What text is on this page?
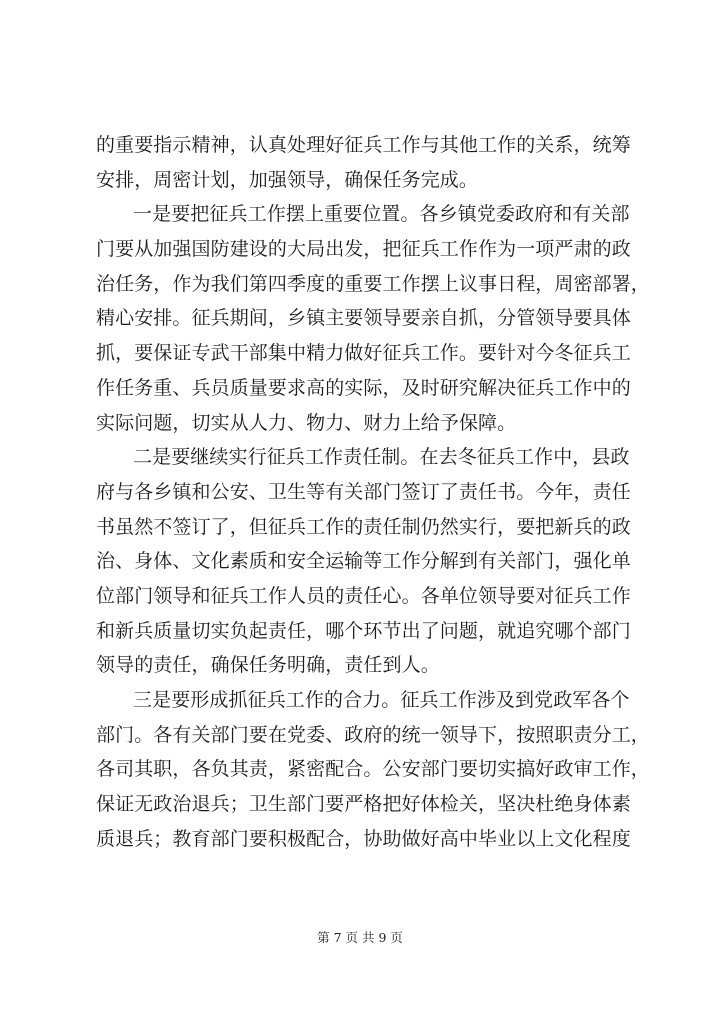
的重要指示精神，认真处理好征兵工作与其他工作的关系，统筹
安排，周密计划，加强领导，确保任务完成。
一是要把征兵工作摆上重要位置。各乡镇党委政府和有关部
门要从加强国防建设的大局出发，把征兵工作作为一项严肃的政
治任务，作为我们第四季度的重要工作摆上议事日程，周密部署，
精心安排。征兵期间，乡镇主要领导要亲自抓，分管领导要具体
抓，要保证专武干部集中精力做好征兵工作。要针对今冬征兵工
作任务重、兵员质量要求高的实际，及时研究解决征兵工作中的
实际问题，切实从人力、物力、财力上给予保障。
二是要继续实行征兵工作责任制。在去冬征兵工作中，县政
府与各乡镇和公安、卫生等有关部门签订了责任书。今年，责任
书虽然不签订了，但征兵工作的责任制仍然实行，要把新兵的政
治、身体、文化素质和安全运输等工作分解到有关部门，强化单
位部门领导和征兵工作人员的责任心。各单位领导要对征兵工作
和新兵质量切实负起责任，哪个环节出了问题，就追究哪个部门
领导的责任，确保任务明确，责任到人。
三是要形成抓征兵工作的合力。征兵工作涉及到党政军各个
部门。各有关部门要在党委、政府的统一领导下，按照职责分工，
各司其职，各负其责，紧密配合。公安部门要切实搞好政审工作，
保证无政治退兵；卫生部门要严格把好体检关，坚决杜绝身体素
质退兵；教育部门要积极配合，协助做好高中毕业以上文化程度
第 7 页 共 9 页
